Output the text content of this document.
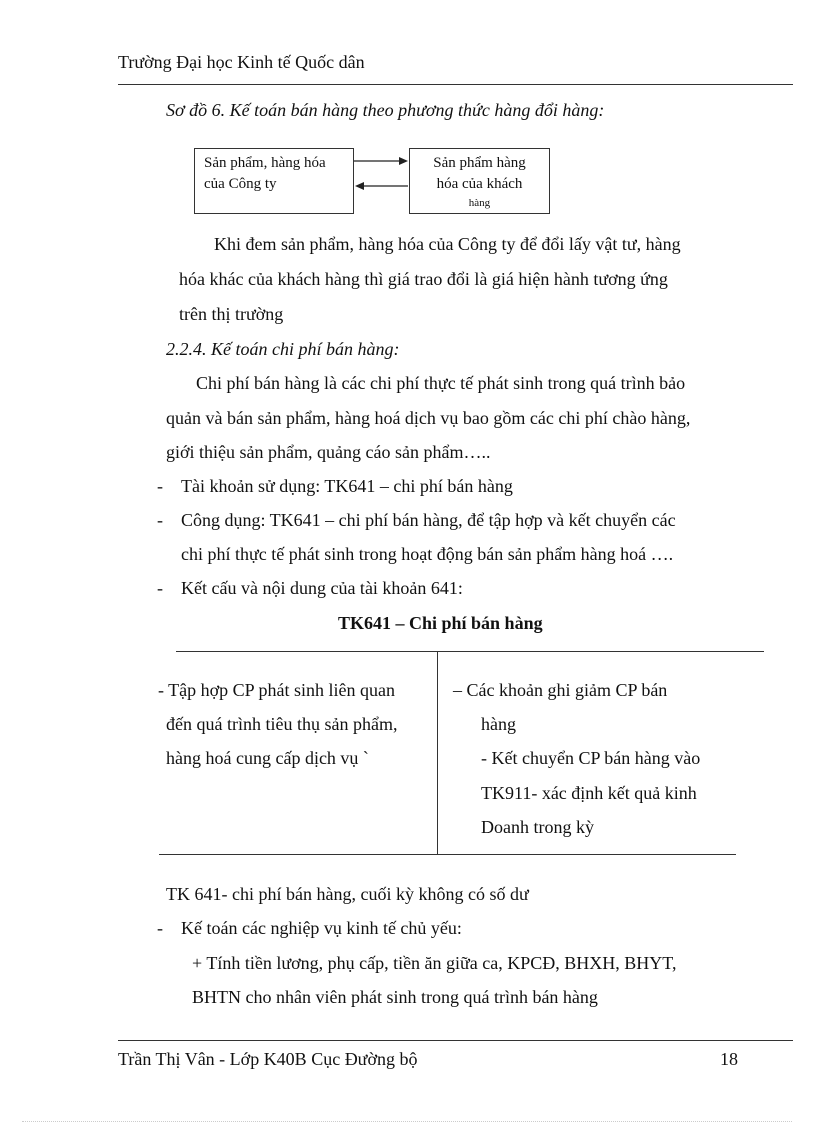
Trường Đại học Kinh tế Quốc dân
Sơ đồ 6. Kế toán bán hàng theo phương thức hàng đổi hàng:
Sản phẩm, hàng hóa
của Công ty
Sản phẩm hàng
hóa của khách
hàng
Khi đem sản phẩm, hàng hóa của Công ty để đổi lấy vật tư, hàng
hóa khác của khách hàng thì giá trao đổi là giá hiện hành tương ứng
trên thị trường
2.2.4. Kế toán chi phí bán hàng:
Chi phí bán hàng là các chi phí thực tế phát sinh trong quá trình bảo
quản và bán sản phẩm, hàng hoá dịch vụ bao gồm các chi phí chào hàng,
giới thiệu sản phẩm, quảng cáo sản phẩm…..
- Tài khoản sử dụng: TK641 – chi phí bán hàng
- Công dụng: TK641 – chi phí bán hàng, để tập hợp và kết chuyển các
chi phí thực tế phát sinh trong hoạt động bán sản phẩm hàng hoá ….
- Kết cấu và nội dung của tài khoản 641:
TK641 – Chi phí bán hàng
- Tập hợp CP phát sinh liên quan
đến quá trình tiêu thụ sản phẩm,
hàng hoá cung cấp dịch vụ `
– Các khoản ghi giảm CP bán
hàng
- Kết chuyển CP bán hàng vào
TK911- xác định kết quả kinh
Doanh trong kỳ
TK 641- chi phí bán hàng, cuối kỳ không có số dư
- Kế toán các nghiệp vụ kinh tế chủ yếu:
+ Tính tiền lương, phụ cấp, tiền ăn giữa ca, KPCĐ, BHXH, BHYT,
BHTN cho nhân viên phát sinh trong quá trình bán hàng
Trần Thị Vân - Lớp K40B Cục Đường bộ	18
